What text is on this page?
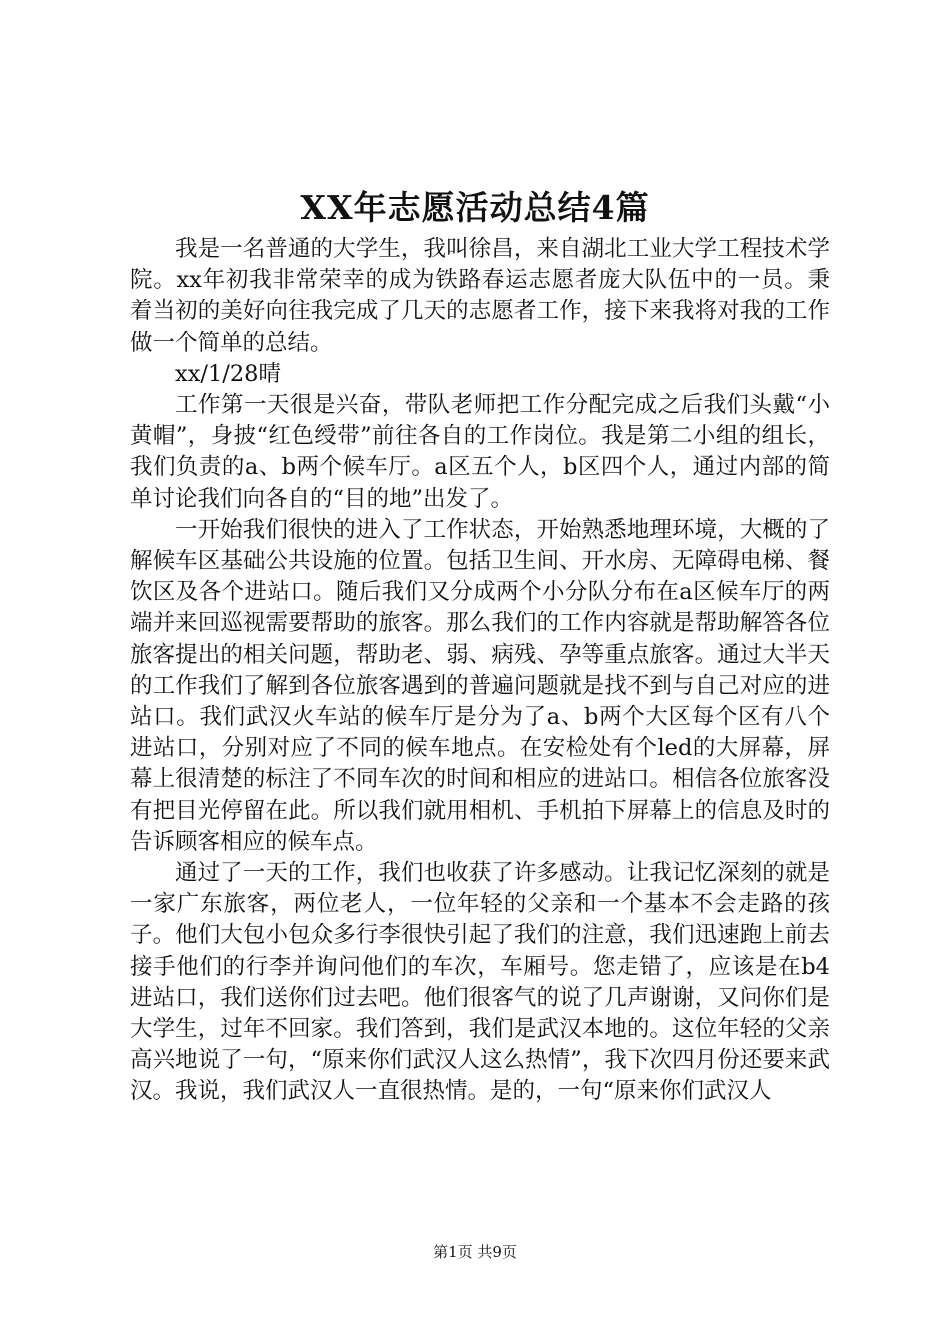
XX年志愿活动总结4篇

我是一名普通的大学生，我叫徐昌，来自湖北工业大学工程技术学院。xx年初我非常荣幸的成为铁路春运志愿者庞大队伍中的一员。秉着当初的美好向往我完成了几天的志愿者工作，接下来我将对我的工作做一个简单的总结。

xx/1/28晴

工作第一天很是兴奋，带队老师把工作分配完成之后我们头戴“小黄帽”，身披“红色绶带”前往各自的工作岗位。我是第二小组的组长，我们负责的a、b两个候车厅。a区五个人，b区四个人，通过内部的简单讨论我们向各自的“目的地”出发了。

一开始我们很快的进入了工作状态，开始熟悉地理环境，大概的了解候车区基础公共设施的位置。包括卫生间、开水房、无障碍电梯、餐饮区及各个进站口。随后我们又分成两个小分队分布在a区候车厅的两端并来回巡视需要帮助的旅客。那么我们的工作内容就是帮助解答各位旅客提出的相关问题，帮助老、弱、病残、孕等重点旅客。通过大半天的工作我们了解到各位旅客遇到的普遍问题就是找不到与自己对应的进站口。我们武汉火车站的候车厅是分为了a、b两个大区每个区有八个进站口，分别对应了不同的候车地点。在安检处有个led的大屏幕，屏幕上很清楚的标注了不同车次的时间和相应的进站口。相信各位旅客没有把目光停留在此。所以我们就用相机、手机拍下屏幕上的信息及时的告诉顾客相应的候车点。

通过了一天的工作，我们也收获了许多感动。让我记忆深刻的就是一家广东旅客，两位老人，一位年轻的父亲和一个基本不会走路的孩子。他们大包小包众多行李很快引起了我们的注意，我们迅速跑上前去接手他们的行李并询问他们的车次，车厢号。您走错了，应该是在b4进站口，我们送你们过去吧。他们很客气的说了几声谢谢，又问你们是大学生，过年不回家。我们答到，我们是武汉本地的。这位年轻的父亲高兴地说了一句，“原来你们武汉人这么热情”，我下次四月份还要来武汉。我说，我们武汉人一直很热情。是的，一句“原来你们武汉人

第1页 共9页
